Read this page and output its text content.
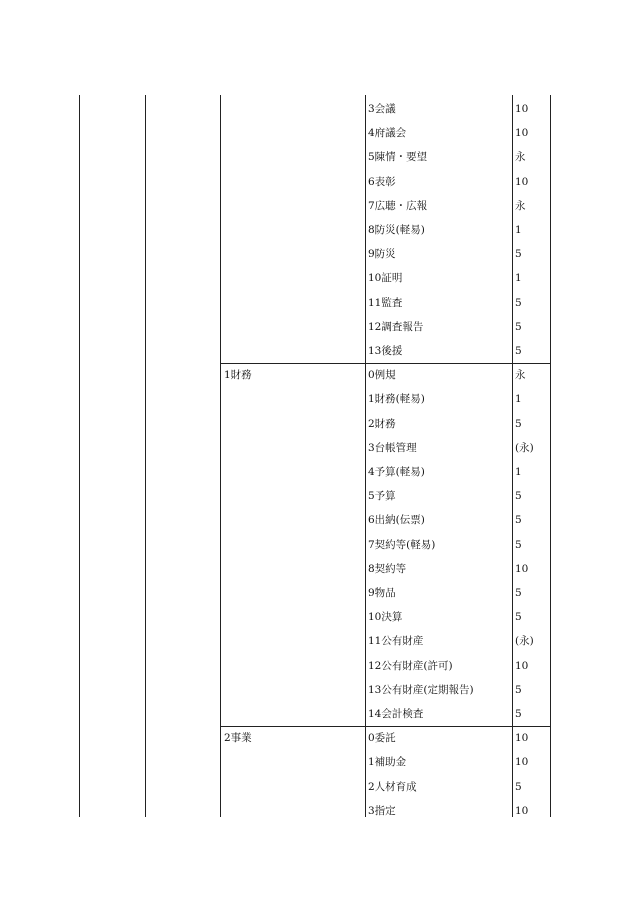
3会議	10
4府議会	10
5陳情・要望	永
6表彰	10
7広聴・広報	永
8防災(軽易)	1
9防災	5
10証明	1
11監査	5
12調査報告	5
13後援	5
1財務	0例規	永
1財務(軽易)	1
2財務	5
3台帳管理	(永)
4予算(軽易)	1
5予算	5
6出納(伝票)	5
7契約等(軽易)	5
8契約等	10
9物品	5
10決算	5
11公有財産	(永)
12公有財産(許可)	10
13公有財産(定期報告)	5
14会計検査	5
2事業	0委託	10
1補助金	10
2人材育成	5
3指定	10
